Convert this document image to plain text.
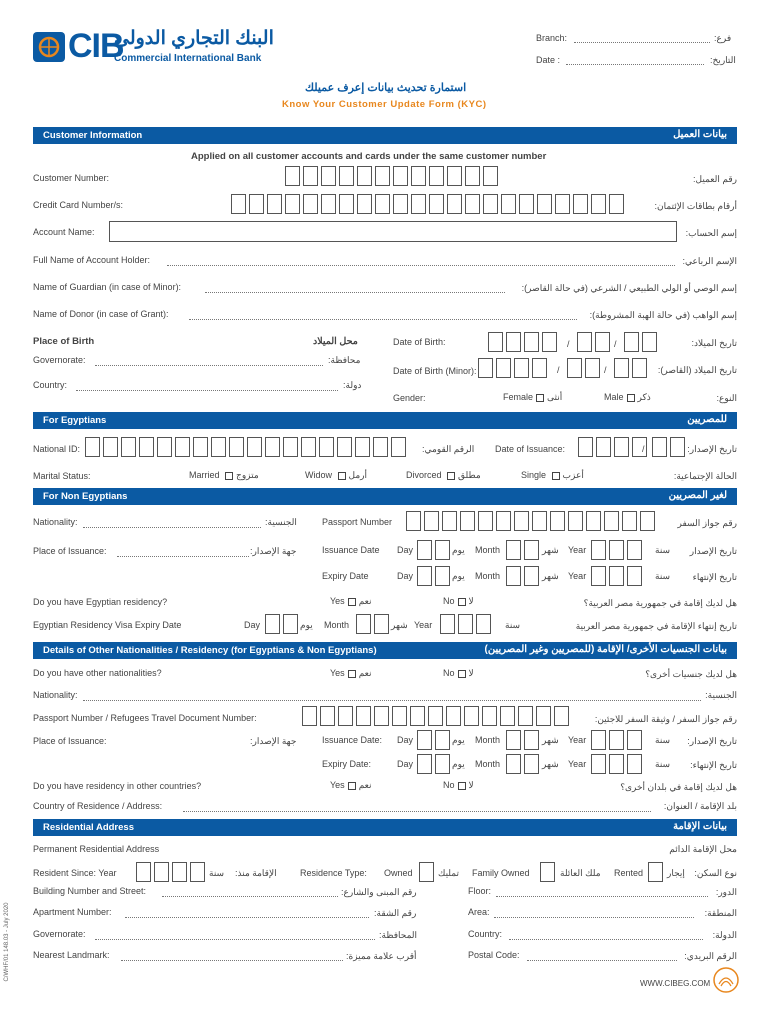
CIB
البنك التجاري الدولي
Commercial International Bank
Branch:	فرع:
Date :	التاريخ:
استمارة تحديث بيانات إعرف عميلك
Know Your Customer Update Form (KYC)
Customer Information	بيانات العميل
Applied on all customer accounts and cards under the same customer number
Customer Number:	رقم العميل:
Credit Card Number/s:	أرقام بطاقات الإئتمان:
Account Name:	إسم الحساب:
Full Name of Account Holder:	الإسم الرباعي:
Name of Guardian (in case of Minor):	إسم الوصي أو الولي الطبيعي / الشرعي (في حالة القاصر):
Name of Donor (in case of Grant):	إسم الواهب (في حالة الهبة المشروطة):
Place of Birth	محل الميلاد
Governorate:	محافظة:
Country:	دولة:
Date of Birth:	/	/	تاريخ الميلاد:
Date of Birth (Minor):	/	/	تاريخ الميلاد (القاصر):
Gender:	Female أنثى	Male ذكر	النوع:
For Egyptians	للمصريين
National ID:	الرقم القومي: Date of Issuance:	/	تاريخ الإصدار:
Marital Status:	Married متزوج	Widow أرمل	Divorced مطلق	Single أعزب	الحالة الإجتماعية:
For Non Egyptians	لغير المصريين
Nationality:	الجنسية:	Passport Number	رقم جواز السفر
Place of Issuance:	جهة الإصدار:	Issuance Date Day	يوم Month	شهر Year	سنة تاريخ الإصدار
Expiry Date	Day	يوم Month	شهر Year	سنة	تاريخ الإنتهاء
Do you have Egyptian residency?	Yes نعم	No لا	هل لديك إقامة في جمهورية مصر العربية؟
Egyptian Residency Visa Expiry Date	Day	يوم Month	شهر Year	سنة	تاريخ إنتهاء الإقامة في جمهورية مصر العربية
Details of Other Nationalities / Residency (for Egyptians & Non Egyptians)	بيانات الجنسيات الأخرى/ الإقامة (للمصريين وغير المصريين)
Do you have other nationalities?	Yes نعم	No لا	هل لديك جنسيات أخرى؟
Nationality:	الجنسية:
Passport Number / Refugees Travel Document Number:	رقم جواز السفر / وثيقة السفر للاجئين:
Place of Issuance:	جهة الإصدار:	Issuance Date: Day	يوم Month	شهر Year	سنة تاريخ الإصدار:
Expiry Date:	Day	يوم Month	شهر Year	سنة تاريخ الإنتهاء:
Do you have residency in other countries?	Yes نعم	No لا	هل لديك إقامة في بلدان أخرى؟
Country of Residence / Address:	بلد الإقامة / العنوان:
Residential Address	بيانات الإقامة
Permanent Residential Address	محل الإقامة الدائم
Resident Since: Year	سنة الإقامة منذ:	Residence Type: Owned	تمليك Family Owned	ملك العائلة Rented	إيجار نوع السكن:
Building Number and Street:	رقم المبنى والشارع:	Floor:	الدور:
Apartment Number:	رقم الشقة:	Area:	المنطقة:
Governorate:	المحافظة:	Country:	الدولة:
Nearest Landmark:	أقرب علامة مميزة:	Postal Code:	الرقم البريدي:
WWW.CIBEG.COM
C/WHF/01 148.03 - July 2020
